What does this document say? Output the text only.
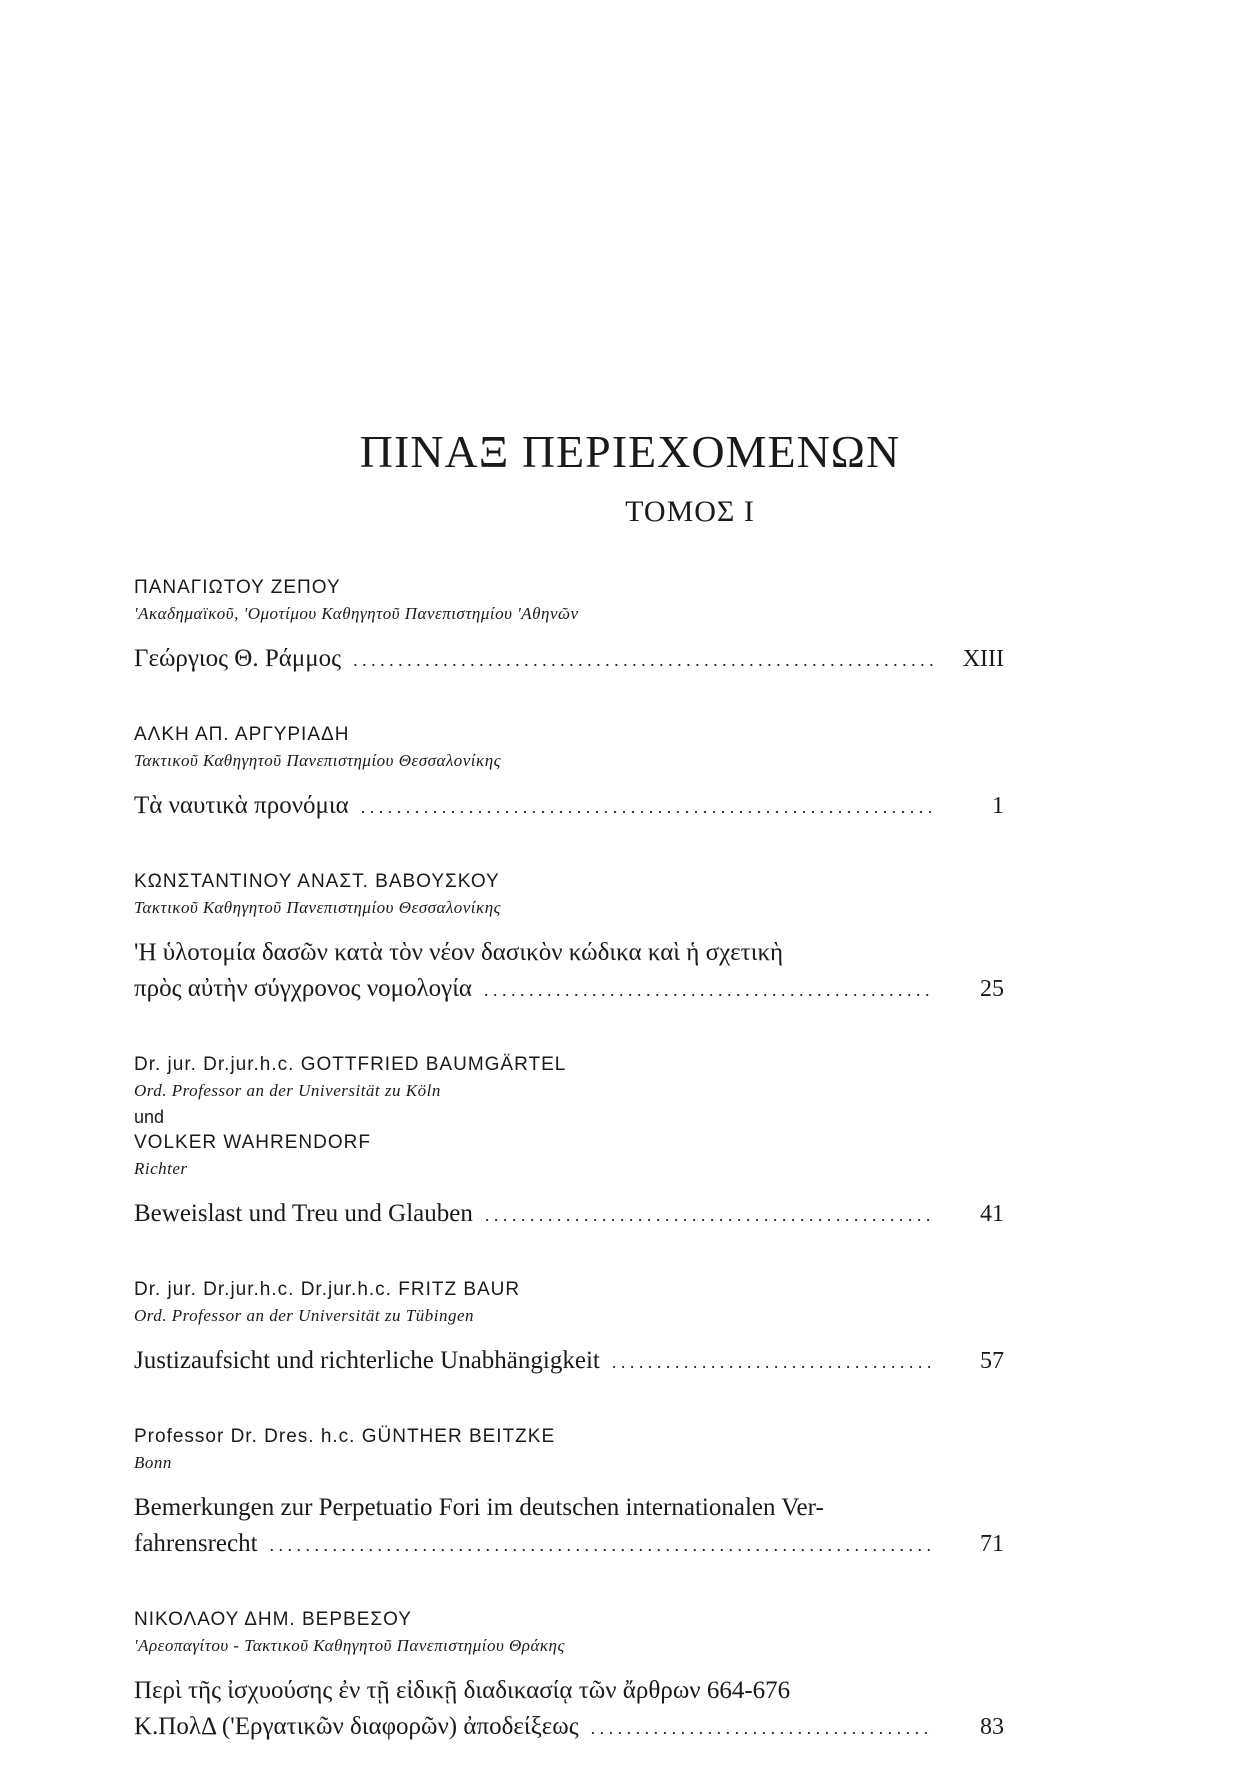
ΠΙΝΑΞ ΠΕΡΙΕΧΟΜΕΝΩΝ
ΤΟΜΟΣ Ι
ΠΑΝΑΓΙΩΤΟΥ ΖΕΠΟΥ
'Ακαδημαϊκοῦ, 'Ομοτίμου Καθηγητοῦ Πανεπιστημίου 'Αθηνῶν
Γεώργιος Θ. Ράμμος . . .	XIII
ΑΛΚΗ ΑΠ. ΑΡΓΥΡΙΑΔΗ
Τακτικοῦ Καθηγητοῦ Πανεπιστημίου Θεσσαλονίκης
Τὰ ναυτικὰ προνόμια . . .	1
ΚΩΝΣΤΑΝΤΙΝΟΥ ΑΝΑΣΤ. ΒΑΒΟΥΣΚΟΥ
Τακτικοῦ Καθηγητοῦ Πανεπιστημίου Θεσσαλονίκης
'Η ὑλοτομία δασῶν κατὰ τὸν νέον δασικὸν κώδικα καὶ ἡ σχετικὴ
πρὸς αὐτὴν σύγχρονος νομολογία . . .	25
Dr. jur. Dr.jur.h.c. GOTTFRIED BAUMGÄRTEL
Ord. Professor an der Universität zu Köln
und
VOLKER WAHRENDORF
Richter
Beweislast und Treu und Glauben . . .	41
Dr. jur. Dr.jur.h.c. Dr.jur.h.c. FRITZ BAUR
Ord. Professor an der Universität zu Tübingen
Justizaufsicht und richterliche Unabhängigkeit . . .	57
Professor Dr. Dres. h.c. GÜNTHER BEITZKE
Bonn
Bemerkungen zur Perpetuatio Fori im deutschen internationalen Ver-
fahrensrecht . . .	71
ΝΙΚΟΛΑΟΥ ΔΗΜ. ΒΕΡΒΕΣΟΥ
'Αρεοπαγίτου - Τακτικοῦ Καθηγητοῦ Πανεπιστημίου Θράκης
Περὶ τῆς ἰσχυούσης ἐν τῇ εἰδικῇ διαδικασίᾳ τῶν ἄρθρων 664-676
Κ.ΠολΔ ('Εργατικῶν διαφορῶν) ἀποδείξεως . . .	83
